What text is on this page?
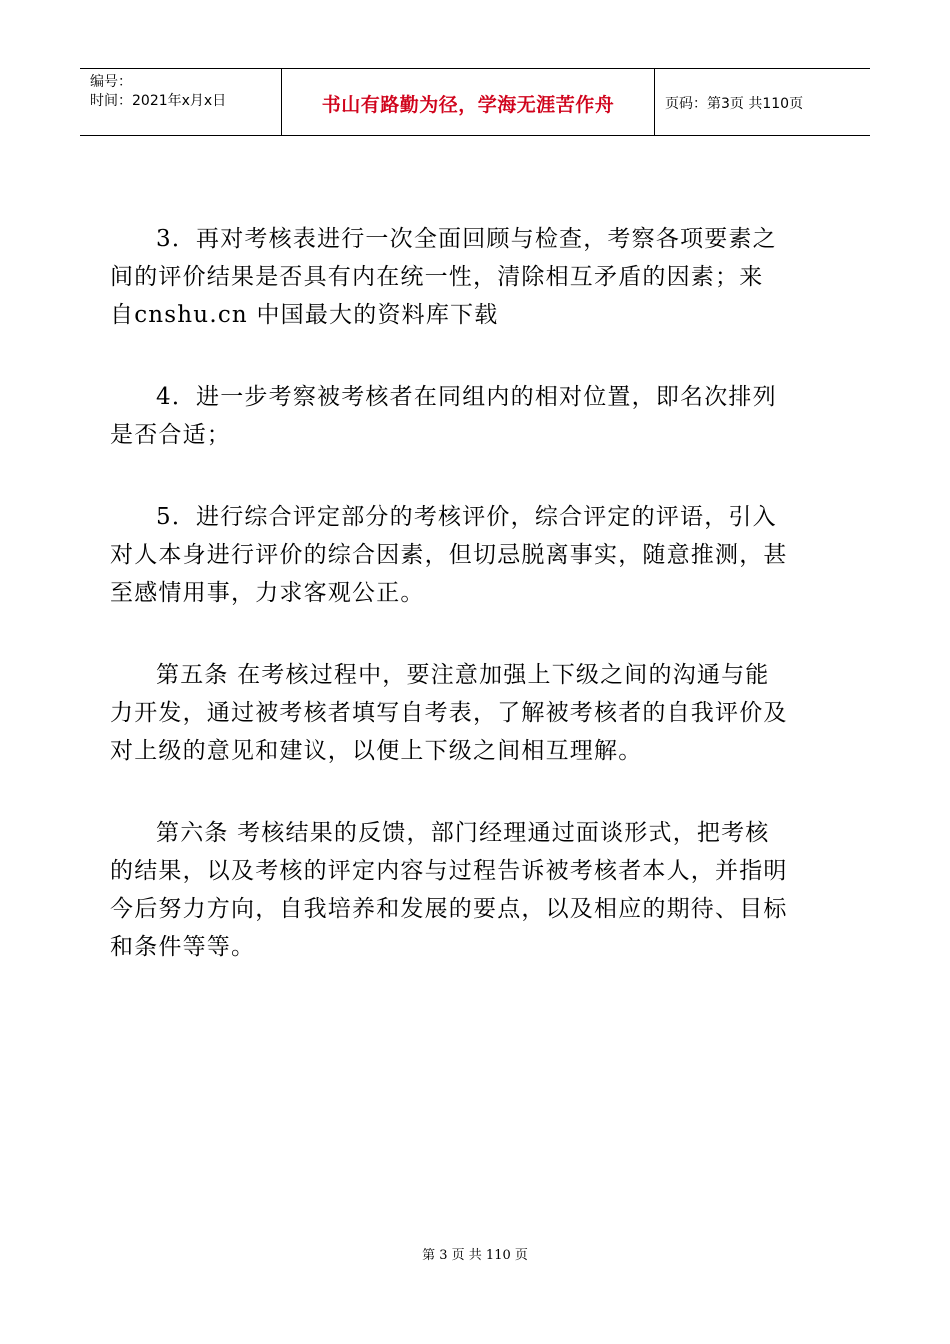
编号：
时间：2021年x月x日	书山有路勤为径，学海无涯苦作舟	页码：第3页 共110页

3．再对考核表进行一次全面回顾与检查，考察各项要素之间的评价结果是否具有内在统一性，清除相互矛盾的因素；来 自cnshu.cn 中国最大的资料库下载

4．进一步考察被考核者在同组内的相对位置，即名次排列是否合适；

5．进行综合评定部分的考核评价，综合评定的评语，引入对人本身进行评价的综合因素，但切忌脱离事实，随意推测，甚至感情用事，力求客观公正。

第五条 在考核过程中，要注意加强上下级之间的沟通与能力开发，通过被考核者填写自考表，了解被考核者的自我评价及对上级的意见和建议，以便上下级之间相互理解。

第六条 考核结果的反馈，部门经理通过面谈形式，把考核的结果，以及考核的评定内容与过程告诉被考核者本人，并指明今后努力方向，自我培养和发展的要点，以及相应的期待、目标和条件等等。

第 3 页 共 110 页
